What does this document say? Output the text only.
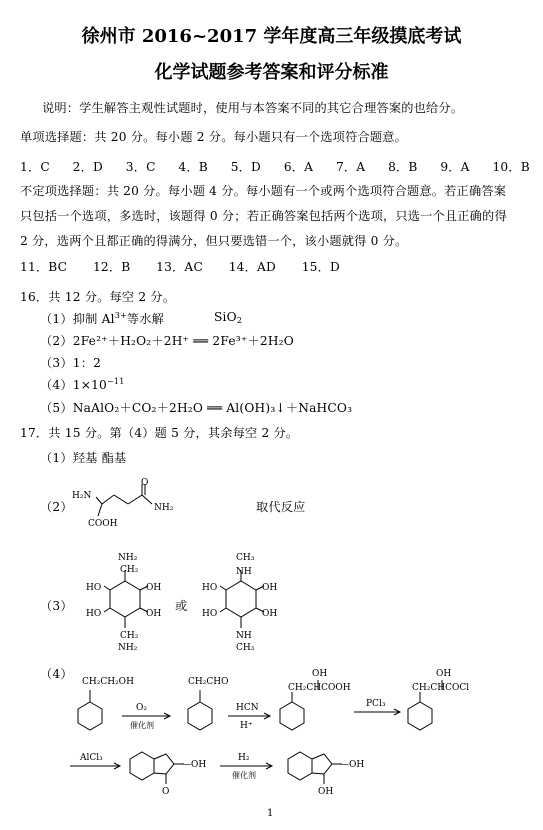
徐州市 2016~2017 学年度高三年级摸底考试
化学试题参考答案和评分标准
说明：学生解答主观性试题时，使用与本答案不同的其它合理答案的也给分。
单项选择题：共 20 分。每小题 2 分。每小题只有一个选项符合题意。
1．C 2．D 3．C 4．B 5．D 6．A 7．A 8．B 9．A 10．B
不定项选择题：共 20 分。每小题 4 分。每小题有一个或两个选项符合题意。若正确答案
只包括一个选项，多选时，该题得 0 分；若正确答案包括两个选项，只选一个且正确的得
2 分，选两个且都正确的得满分，但只要选错一个，该小题就得 0 分。
11．BC 12．B 13．AC 14．AD 15．D
16．共 12 分。每空 2 分。
（1）抑制 $Al^{3+}$等水解	SiO$_2$
（2）2Fe²⁺＋H₂O₂＋2H⁺ ══ 2Fe³⁺＋2H₂O
（3）1：2
$(4)1\times 10^{-11}$
（5）NaAlO₂＋CO₂＋2H₂O ══ Al(OH)₃↓＋NaHCO₃
17．共 15 分。第（4）题 5 分，其余每空 2 分。
（1）羟基 酯基
（2）	取代反应
（3）	或
（4）
H₂N
O
NH₂
COOH
NH₂
CH₂
HO
HO
OH
OH
CH₂
NH₂
CH₃
NH
HO
HO
OH
OH
NH
CH₃
CH₂CH₂OH
O₂
催化剂
CH₂CHO
HCN
H⁺
OH
CH₂CHCOOH
PCl₃
OH
CH₂CHCOCl
AlCl₃
—OH
O
H₂
催化剂
—OH
OH
1
